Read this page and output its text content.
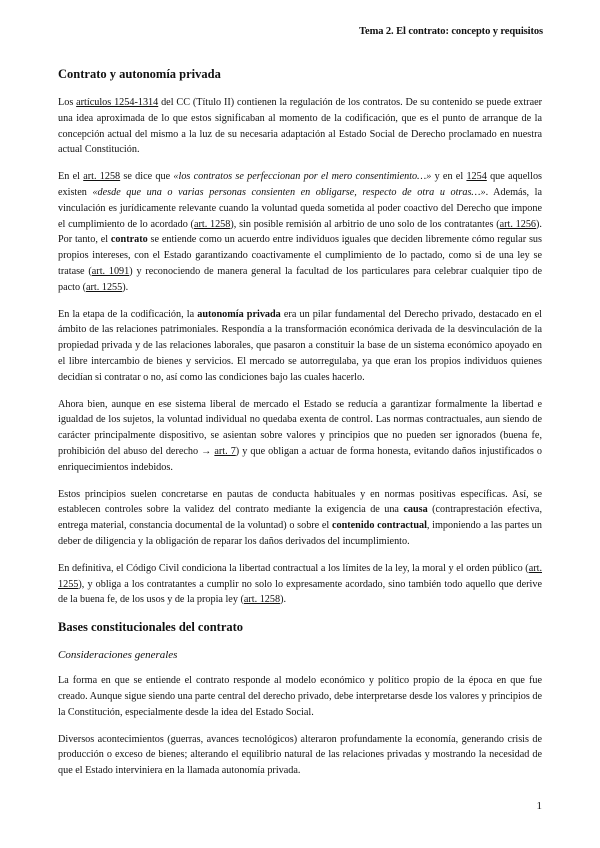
Tema 2. El contrato: concepto y requisitos
Contrato y autonomía privada

Los artículos 1254-1314 del CC (Título II) contienen la regulación de los contratos. De su contenido se puede extraer una idea aproximada de lo que estos significaban al momento de la codificación, que es el punto de arranque de la concepción actual del mismo a la luz de su necesaria adaptación al Estado Social de Derecho proclamado en nuestra actual Constitución.

En el art. 1258 se dice que «los contratos se perfeccionan por el mero consentimiento…» y en el 1254 que aquellos existen «desde que una o varias personas consienten en obligarse, respecto de otra u otras…». Además, la vinculación es jurídicamente relevante cuando la voluntad queda sometida al poder coactivo del Derecho que impone el cumplimiento de lo acordado (art. 1258), sin posible remisión al arbitrio de uno solo de los contratantes (art. 1256). Por tanto, el contrato se entiende como un acuerdo entre individuos iguales que deciden libremente cómo regular sus propios intereses, con el Estado garantizando coactivamente el cumplimiento de lo pactado, como si de una ley se tratase (art. 1091) y reconociendo de manera general la facultad de los particulares para celebrar cualquier tipo de pacto (art. 1255).

En la etapa de la codificación, la autonomía privada era un pilar fundamental del Derecho privado, destacado en el ámbito de las relaciones patrimoniales. Respondía a la transformación económica derivada de la desvinculación de la propiedad privada y de las relaciones laborales, que pasaron a constituir la base de un sistema económico apoyado en el libre intercambio de bienes y servicios. El mercado se autorregulaba, ya que eran los propios individuos quienes decidían si contratar o no, así como las condiciones bajo las cuales hacerlo.

Ahora bien, aunque en ese sistema liberal de mercado el Estado se reducía a garantizar formalmente la libertad e igualdad de los sujetos, la voluntad individual no quedaba exenta de control. Las normas contractuales, aun siendo de carácter principalmente dispositivo, se asientan sobre valores y principios que no pueden ser ignorados (buena fe, prohibición del abuso del derecho → art. 7) y que obligan a actuar de forma honesta, evitando daños injustificados o enriquecimientos indebidos.

Estos principios suelen concretarse en pautas de conducta habituales y en normas positivas específicas. Así, se establecen controles sobre la validez del contrato mediante la exigencia de una causa (contraprestación efectiva, entrega material, constancia documental de la voluntad) o sobre el contenido contractual, imponiendo a las partes un deber de diligencia y la obligación de reparar los daños derivados del incumplimiento.

En definitiva, el Código Civil condiciona la libertad contractual a los límites de la ley, la moral y el orden público (art. 1255), y obliga a los contratantes a cumplir no solo lo expresamente acordado, sino también todo aquello que derive de la buena fe, de los usos y de la propia ley (art. 1258).

Bases constitucionales del contrato
Consideraciones generales

La forma en que se entiende el contrato responde al modelo económico y político propio de la época en que fue creado. Aunque sigue siendo una parte central del derecho privado, debe interpretarse desde los valores y principios de la Constitución, especialmente desde la idea del Estado Social.

Diversos acontecimientos (guerras, avances tecnológicos) alteraron profundamente la economía, generando crisis de producción o exceso de bienes; alterando el equilibrio natural de las relaciones privadas y mostrando la necesidad de que el Estado interviniera en la llamada autonomía privada.

1
